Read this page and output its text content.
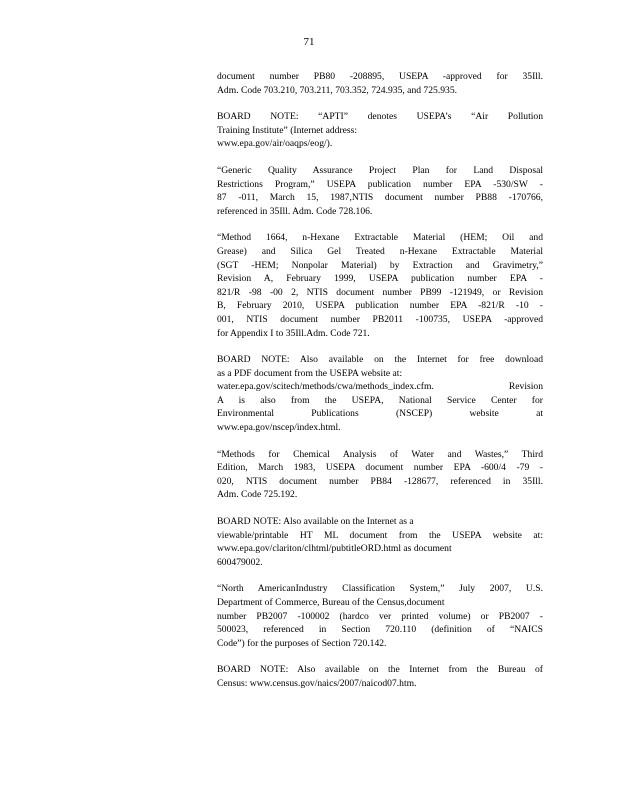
71

document number PB80 -208895, USEPA -approved for 35Ill.
Adm. Code 703.210, 703.211, 703.352, 724.935, and 725.935.

BOARD NOTE: “APTI” denotes USEPA’s “Air Pollution
Training Institute” (Internet address:
www.epa.gov/air/oaqps/eog/).

“Generic Quality Assurance Project Plan for Land Disposal
Restrictions Program,” USEPA publication number EPA -530/SW -
87 -011, March 15, 1987,NTIS document number PB88 -170766,
referenced in 35Ill. Adm. Code 728.106.

“Method 1664, n-Hexane Extractable Material (HEM; Oil and
Grease) and Silica Gel Treated n-Hexane Extractable Material
(SGT -HEM; Nonpolar Material) by Extraction and Gravimetry,”
Revision A, February 1999, USEPA publication number EPA -
821/R -98 -00 2, NTIS document number PB99 -121949, or Revision
B, February 2010, USEPA publication number EPA -821/R -10 -
001, NTIS document number PB2011 -100735, USEPA -approved
for Appendix I to 35Ill.Adm. Code 721.

BOARD NOTE: Also available on the Internet for free download
as a PDF document from the USEPA website at:
water.epa.gov/scitech/methods/cwa/methods_index.cfm. Revision
A is also from the USEPA, National Service Center for
Environmental Publications (NSCEP) website at
www.epa.gov/nscep/index.html.

“Methods for Chemical Analysis of Water and Wastes,” Third
Edition, March 1983, USEPA document number EPA -600/4 -79 -
020, NTIS document number PB84 -128677, referenced in 35Ill.
Adm. Code 725.192.

BOARD NOTE: Also available on the Internet as a
viewable/printable HT ML document from the USEPA website at:
www.epa.gov/clariton/clhtml/pubtitleORD.html as document
600479002.

“North AmericanIndustry Classification System,” July 2007, U.S.
Department of Commerce, Bureau of the Census,document
number PB2007 -100002 (hardco ver printed volume) or PB2007 -
500023, referenced in Section 720.110 (definition of “NAICS
Code”) for the purposes of Section 720.142.

BOARD NOTE: Also available on the Internet from the Bureau of
Census: www.census.gov/naics/2007/naicod07.htm.
